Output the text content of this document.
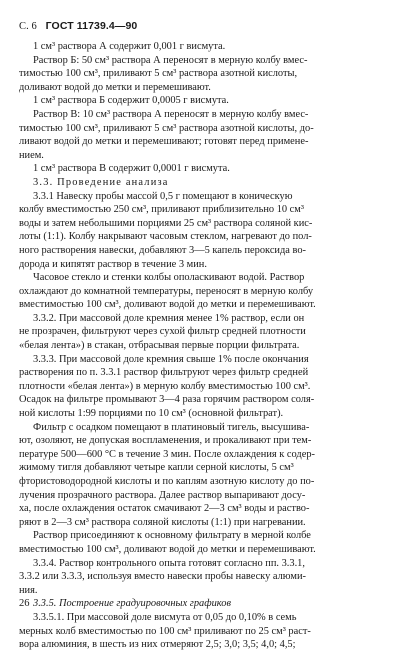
С. 6 ГОСТ 11739.4—90
1 см³ раствора А содержит 0,001 г висмута.
Раствор Б: 50 см³ раствора А переносят в мерную колбу вмес-
тимостью 100 см³, приливают 5 см³ раствора азотной кислоты,
доливают водой до метки и перемешивают.
1 см³ раствора Б содержит 0,0005 г висмута.
Раствор В: 10 см³ раствора А переносят в мерную колбу вмес-
тимостью 100 см³, приливают 5 см³ раствора азотной кислоты, до-
ливают водой до метки и перемешивают; готовят перед примене-
нием.
1 см³ раствора В содержит 0,0001 г висмута.
3.3. Проведение анализа
3.3.1 Навеску пробы массой 0,5 г помещают в коническую
колбу вместимостью 250 см³, приливают приблизительно 10 см³
воды и затем небольшими порциями 25 см³ раствора соляной кис-
лоты (1:1). Колбу накрывают часовым стеклом, нагревают до пол-
ного растворения навески, добавляют 3—5 капель пероксида во-
дорода и кипятят раствор в течение 3 мин.
Часовое стекло и стенки колбы ополаскивают водой. Раствор
охлаждают до комнатной температуры, переносят в мерную колбу
вместимостью 100 см³, доливают водой до метки и перемешивают.
3.3.2. При массовой доле кремния менее 1% раствор, если он
не прозрачен, фильтруют через сухой фильтр средней плотности
«белая лента») в стакан, отбрасывая первые порции фильтрата.
3.3.3. При массовой доле кремния свыше 1% после окончания
растворения по п. 3.3.1 раствор фильтруют через фильтр средней
плотности «белая лента») в мерную колбу вместимостью 100 см³.
Осадок на фильтре промывают 3—4 раза горячим раствором соля-
ной кислоты 1:99 порциями по 10 см³ (основной фильтрат).
Фильтр с осадком помещают в платиновый тигель, высушива-
ют, озоляют, не допуская воспламенения, и прокаливают при тем-
пературе 500—600 °С в течение 3 мин. После охлаждения к содер-
жимому тигля добавляют четыре капли серной кислоты, 5 см³
фтористоводородной кислоты и по каплям азотную кислоту до по-
лучения прозрачного раствора. Далее раствор выпаривают досу-
ха, после охлаждения остаток смачивают 2—3 см³ воды и раство-
ряют в 2—3 см³ раствора соляной кислоты (1:1) при нагревании.
Раствор присоединяют к основному фильтрату в мерной колбе
вместимостью 100 см³, доливают водой до метки и перемешивают.
3.3.4. Раствор контрольного опыта готовят согласно пп. 3.3.1,
3.3.2 или 3.3.3, используя вместо навески пробы навеску алюми-
ния.
3.3.5. Построение градуировочных графиков
3.3.5.1. При массовой доле висмута от 0,05 до 0,10% в семь
мерных колб вместимостью по 100 см³ приливают по 25 см³ раст-
вора алюминия, в шесть из них отмеряют 2,5; 3,0; 3,5; 4,0; 4,5;
26
